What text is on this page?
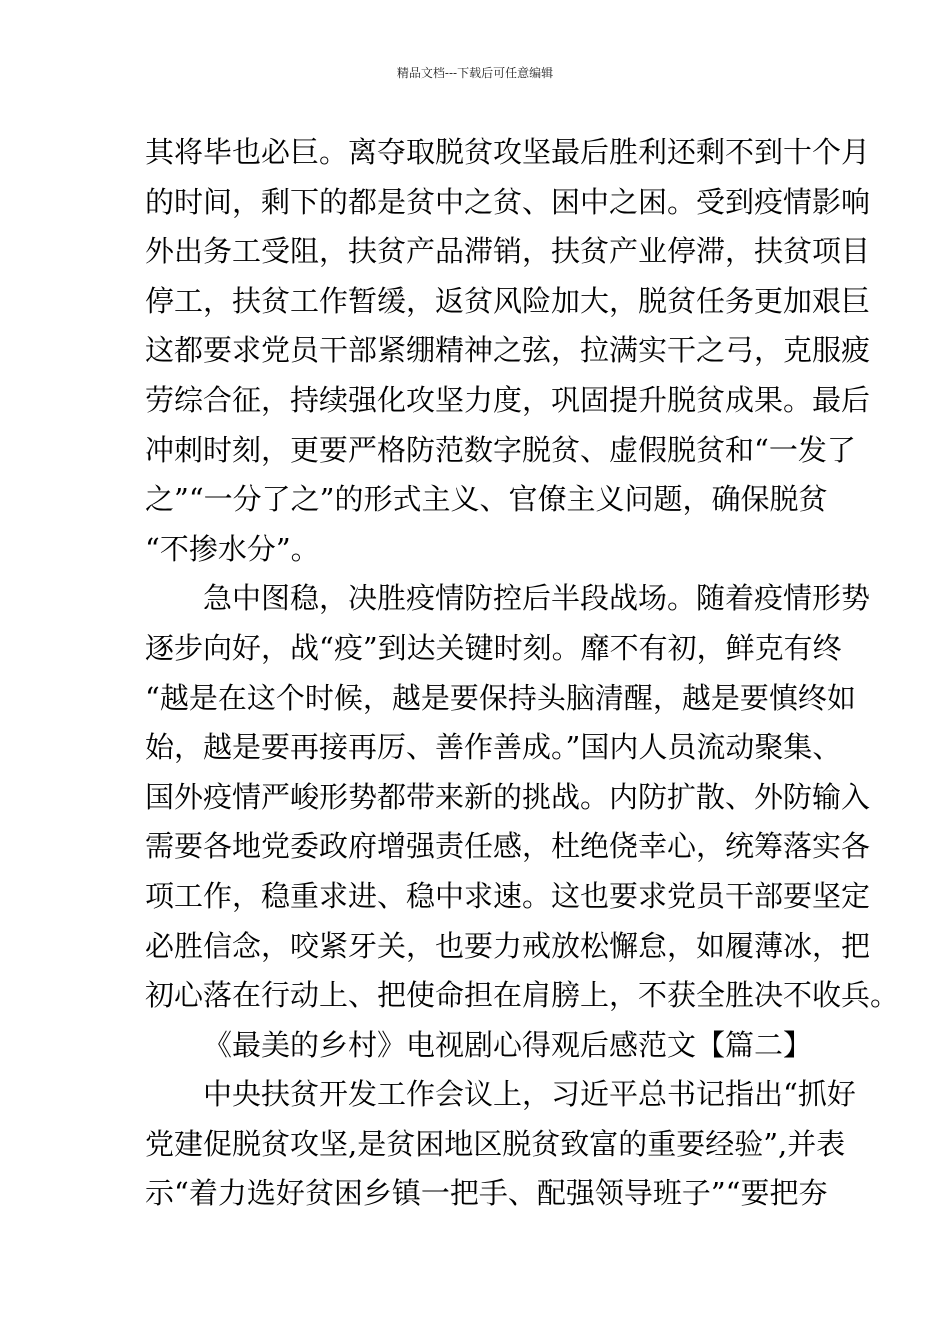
精品文档---下载后可任意编辑
其将毕也必巨。离夺取脱贫攻坚最后胜利还剩不到十个月
的时间，剩下的都是贫中之贫、困中之困。受到疫情影响
外出务工受阻，扶贫产品滞销，扶贫产业停滞，扶贫项目
停工，扶贫工作暂缓，返贫风险加大，脱贫任务更加艰巨
这都要求党员干部紧绷精神之弦，拉满实干之弓，克服疲
劳综合征，持续强化攻坚力度，巩固提升脱贫成果。最后
冲刺时刻，更要严格防范数字脱贫、虚假脱贫和“一发了
之”“一分了之”的形式主义、官僚主义问题，确保脱贫
“不掺水分”。
急中图稳，决胜疫情防控后半段战场。随着疫情形势
逐步向好，战“疫”到达关键时刻。靡不有初，鲜克有终
“越是在这个时候，越是要保持头脑清醒，越是要慎终如
始，越是要再接再厉、善作善成。”国内人员流动聚集、
国外疫情严峻形势都带来新的挑战。内防扩散、外防输入
需要各地党委政府增强责任感，杜绝侥幸心，统筹落实各
项工作，稳重求进、稳中求速。这也要求党员干部要坚定
必胜信念，咬紧牙关，也要力戒放松懈怠，如履薄冰，把
初心落在行动上、把使命担在肩膀上，不获全胜决不收兵。
《最美的乡村》电视剧心得观后感范文【篇二】
中央扶贫开发工作会议上，习近平总书记指出“抓好
党建促脱贫攻坚,是贫困地区脱贫致富的重要经验”,并表
示“着力选好贫困乡镇一把手、配强领导班子”“要把夯
